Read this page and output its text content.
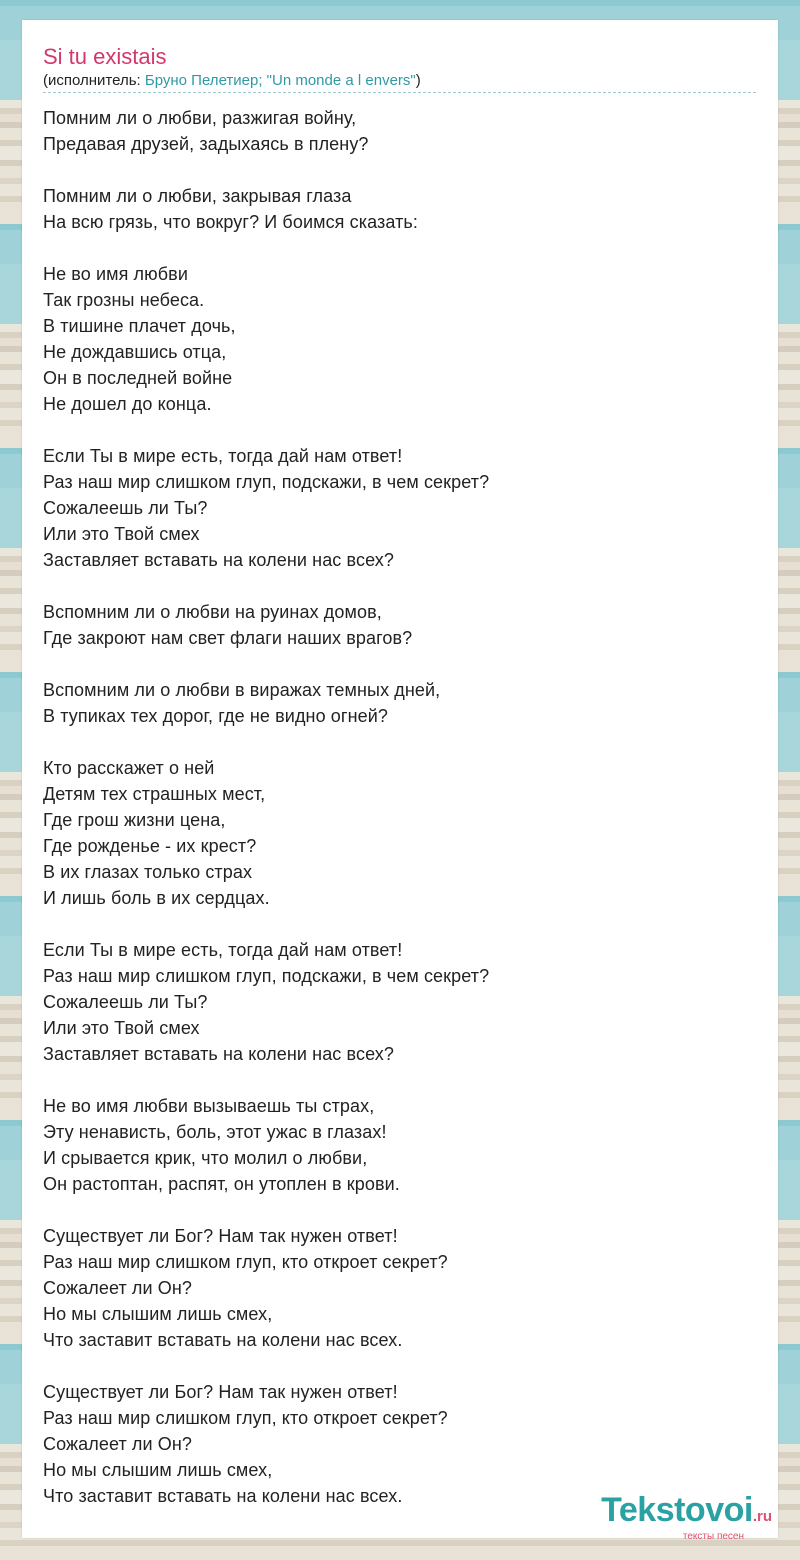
Si tu existais
(исполнитель: Бруно Пелетиер; "Un monde a l envers")
Помним ли о любви, разжигая войну,
Предавая друзей, задыхаясь в плену?
Помним ли о любви, закрывая глаза
На всю грязь, что вокруг? И боимся сказать:
Не во имя любви
Так грозны небеса.
В тишине плачет дочь,
Не дождавшись отца,
Он в последней войне
Не дошел до конца.
Если Ты в мире есть, тогда дай нам ответ!
Раз наш мир слишком глуп, подскажи, в чем секрет?
Сожалеешь ли Ты?
Или это Твой смех
Заставляет вставать на колени нас всех?
Вспомним ли о любви на руинах домов,
Где закроют нам свет флаги наших врагов?
Вспомним ли о любви в виражах темных дней,
В тупиках тех дорог, где не видно огней?
Кто расскажет о ней
Детям тех страшных мест,
Где грош жизни цена,
Где рожденье - их крест?
В их глазах только страх
И лишь боль в их сердцах.
Если Ты в мире есть, тогда дай нам ответ!
Раз наш мир слишком глуп, подскажи, в чем секрет?
Сожалеешь ли Ты?
Или это Твой смех
Заставляет вставать на колени нас всех?
Не во имя любви вызываешь ты страх,
Эту ненависть, боль, этот ужас в глазах!
И срывается крик, что молил о любви,
Он растоптан, распят, он утоплен в крови.
Существует ли Бог? Нам так нужен ответ!
Раз наш мир слишком глуп, кто откроет секрет?
Сожалеет ли Он?
Но мы слышим лишь смех,
Что заставит вставать на колени нас всех.
Существует ли Бог? Нам так нужен ответ!
Раз наш мир слишком глуп, кто откроет секрет?
Сожалеет ли Он?
Но мы слышим лишь смех,
Что заставит вставать на колени нас всех.	Tekstovoi.ru
тексты песен
